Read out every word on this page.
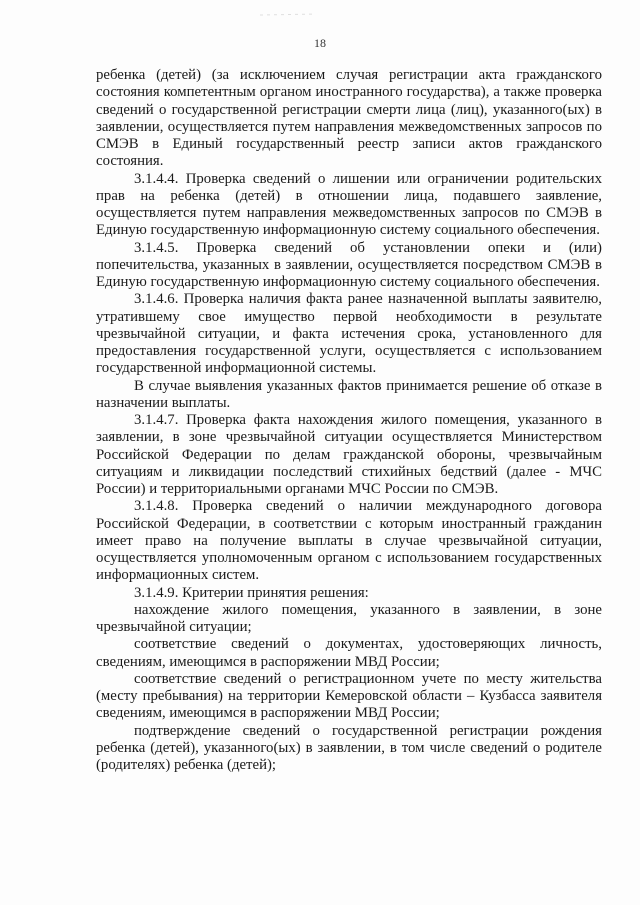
18

ребенка (детей) (за исключением случая регистрации акта гражданского состояния компетентным органом иностранного государства), а также проверка сведений о государственной регистрации смерти лица (лиц), указанного(ых) в заявлении, осуществляется путем направления межведомственных запросов по СМЭВ в Единый государственный реестр записи актов гражданского состояния.

3.1.4.4. Проверка сведений о лишении или ограничении родительских прав на ребенка (детей) в отношении лица, подавшего заявление, осуществляется путем направления межведомственных запросов по СМЭВ в Единую государственную информационную систему социального обеспечения.

3.1.4.5. Проверка сведений об установлении опеки и (или) попечительства, указанных в заявлении, осуществляется посредством СМЭВ в Единую государственную информационную систему социального обеспечения.

3.1.4.6. Проверка наличия факта ранее назначенной выплаты заявителю, утратившему свое имущество первой необходимости в результате чрезвычайной ситуации, и факта истечения срока, установленного для предоставления государственной услуги, осуществляется с использованием государственной информационной системы.

В случае выявления указанных фактов принимается решение об отказе в назначении выплаты.

3.1.4.7. Проверка факта нахождения жилого помещения, указанного в заявлении, в зоне чрезвычайной ситуации осуществляется Министерством Российской Федерации по делам гражданской обороны, чрезвычайным ситуациям и ликвидации последствий стихийных бедствий (далее - МЧС России) и территориальными органами МЧС России по СМЭВ.

3.1.4.8. Проверка сведений о наличии международного договора Российской Федерации, в соответствии с которым иностранный гражданин имеет право на получение выплаты в случае чрезвычайной ситуации, осуществляется уполномоченным органом с использованием государственных информационных систем.

3.1.4.9. Критерии принятия решения:

нахождение жилого помещения, указанного в заявлении, в зоне чрезвычайной ситуации;

соответствие сведений о документах, удостоверяющих личность, сведениям, имеющимся в распоряжении МВД России;

соответствие сведений о регистрационном учете по месту жительства (месту пребывания) на территории Кемеровской области – Кузбасса заявителя сведениям, имеющимся в распоряжении МВД России;

подтверждение сведений о государственной регистрации рождения ребенка (детей), указанного(ых) в заявлении, в том числе сведений о родителе (родителях) ребенка (детей);
